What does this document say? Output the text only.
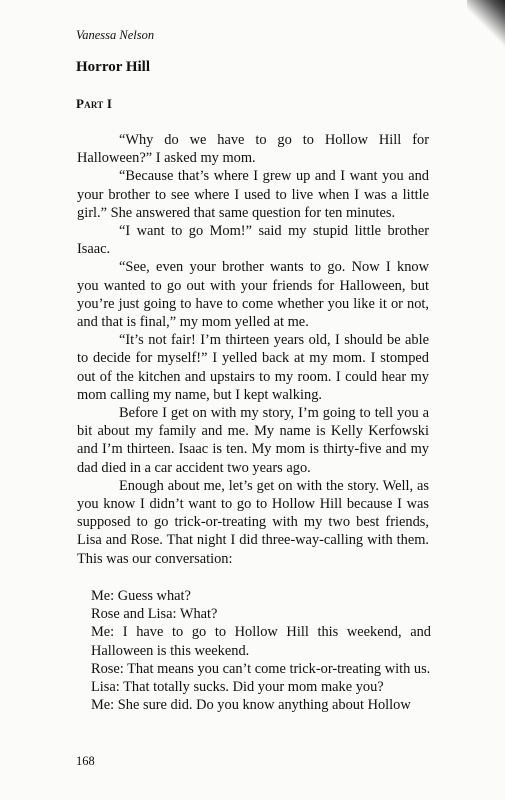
Vanessa Nelson
Horror Hill
Part I

“Why do we have to go to Hollow Hill for Halloween?” I asked my mom.

“Because that’s where I grew up and I want you and your brother to see where I used to live when I was a little girl.” She answered that same question for ten minutes.

“I want to go Mom!” said my stupid little brother Isaac.

“See, even your brother wants to go. Now I know you wanted to go out with your friends for Halloween, but you’re just going to have to come whether you like it or not, and that is final,” my mom yelled at me.

“It’s not fair! I’m thirteen years old, I should be able to decide for myself!” I yelled back at my mom. I stomped out of the kitchen and upstairs to my room. I could hear my mom calling my name, but I kept walking.

Before I get on with my story, I’m going to tell you a bit about my family and me. My name is Kelly Kerfowski and I’m thirteen. Isaac is ten. My mom is thirty-five and my dad died in a car accident two years ago.

Enough about me, let’s get on with the story. Well, as you know I didn’t want to go to Hollow Hill because I was supposed to go trick-or-treating with my two best friends, Lisa and Rose. That night I did three-way-calling with them. This was our conversation:

Me: Guess what?

Rose and Lisa: What?

Me: I have to go to Hollow Hill this weekend, and Halloween is this weekend.

Rose: That means you can’t come trick-or-treating with us.

Lisa: That totally sucks. Did your mom make you?

Me: She sure did. Do you know anything about Hollow

168
